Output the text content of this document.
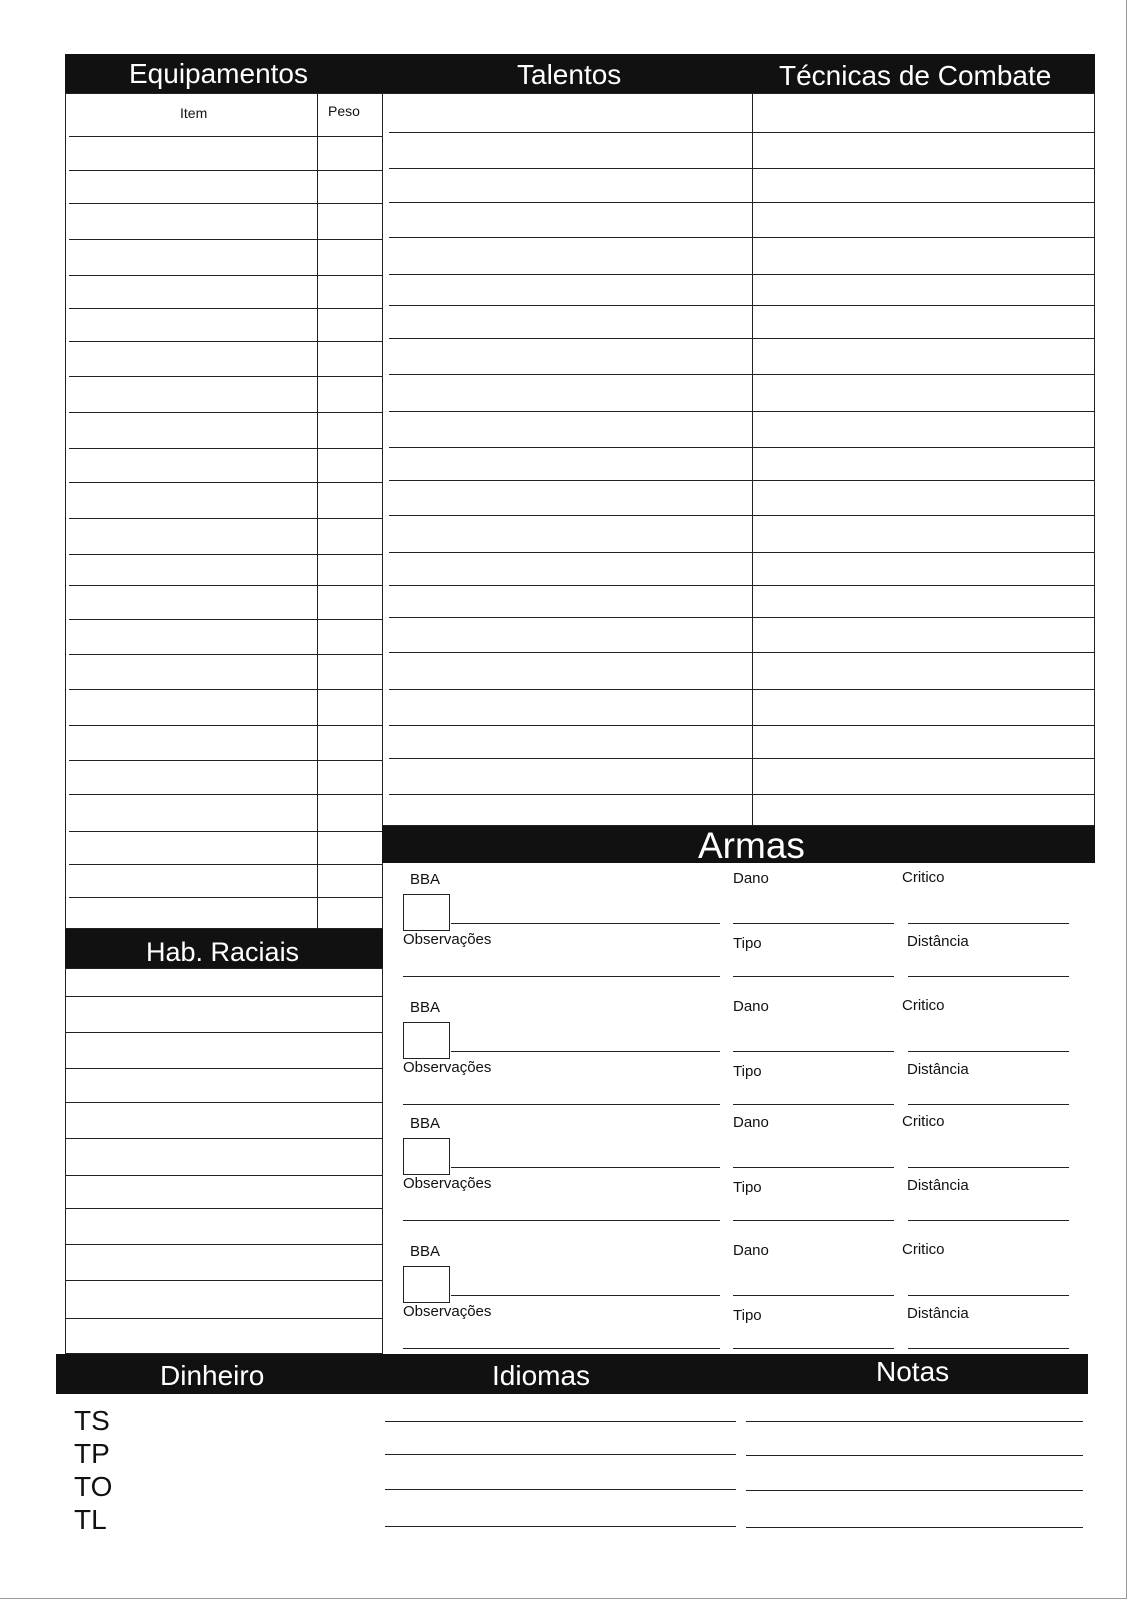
Equipamentos	Talentos	Técnicas de Combate
Item	Peso
Armas
BBA	Dano	Critico
Observações	Tipo	Distância
BBA	Dano	Critico
Observações	Tipo	Distância
BBA	Dano	Critico
Observações	Tipo	Distância
BBA	Dano	Critico
Observações	Tipo	Distância
Hab. Raciais
Dinheiro	Idiomas	Notas
TS
TP
TO
TL
